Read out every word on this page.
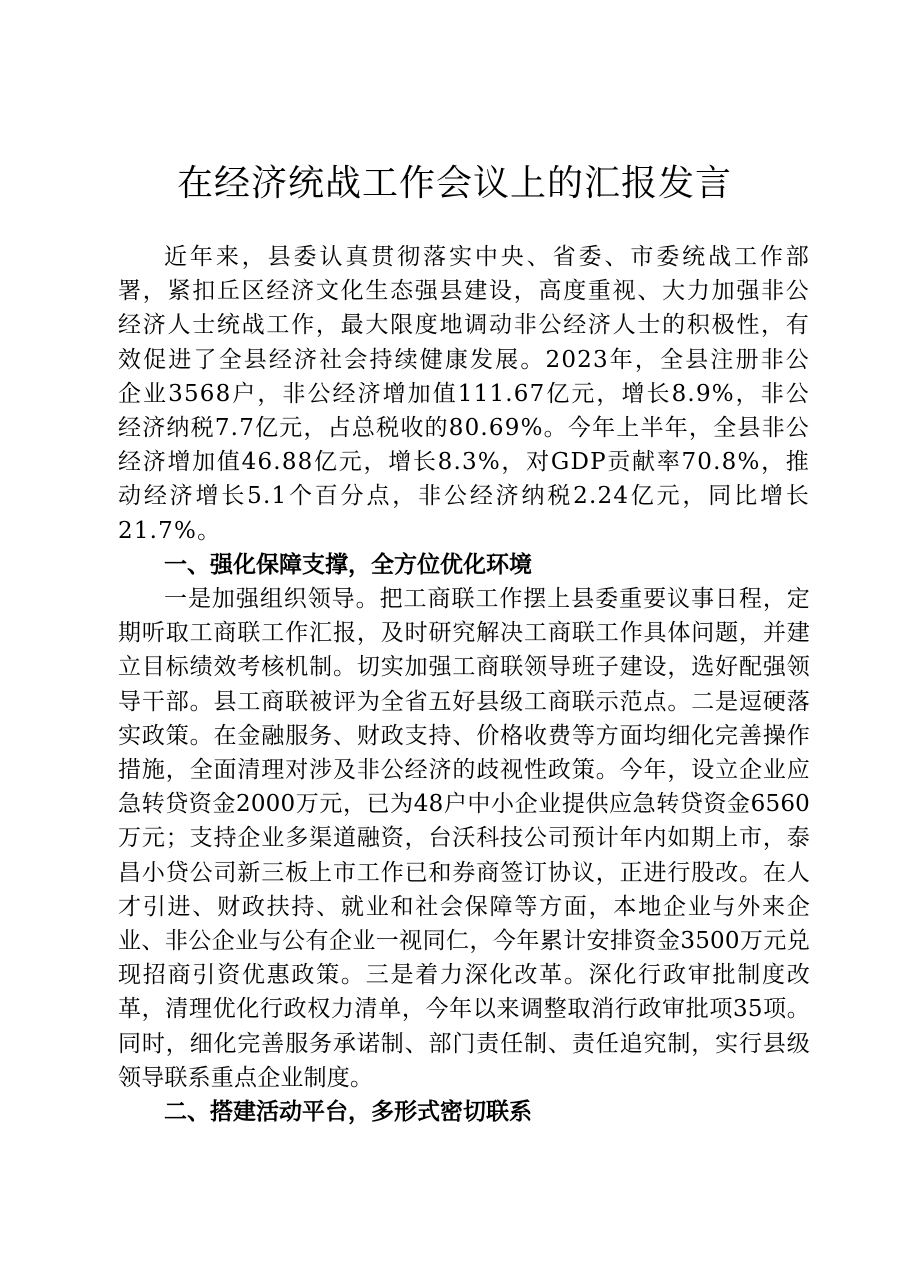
在经济统战工作会议上的汇报发言

近年来，县委认真贯彻落实中央、省委、市委统战工作部署，紧扣丘区经济文化生态强县建设，高度重视、大力加强非公经济人士统战工作，最大限度地调动非公经济人士的积极性，有效促进了全县经济社会持续健康发展。2023年，全县注册非公企业3568户，非公经济增加值111.67亿元，增长8.9%，非公经济纳税7.7亿元，占总税收的80.69%。今年上半年，全县非公经济增加值46.88亿元，增长8.3%，对GDP贡献率70.8%，推动经济增长5.1个百分点，非公经济纳税2.24亿元，同比增长21.7%。

一、强化保障支撑，全方位优化环境

一是加强组织领导。把工商联工作摆上县委重要议事日程，定期听取工商联工作汇报，及时研究解决工商联工作具体问题，并建立目标绩效考核机制。切实加强工商联领导班子建设，选好配强领导干部。县工商联被评为全省五好县级工商联示范点。二是逗硬落实政策。在金融服务、财政支持、价格收费等方面均细化完善操作措施，全面清理对涉及非公经济的歧视性政策。今年，设立企业应急转贷资金2000万元，已为48户中小企业提供应急转贷资金6560万元；支持企业多渠道融资，台沃科技公司预计年内如期上市，泰昌小贷公司新三板上市工作已和券商签订协议，正进行股改。在人才引进、财政扶持、就业和社会保障等方面，本地企业与外来企业、非公企业与公有企业一视同仁，今年累计安排资金3500万元兑现招商引资优惠政策。三是着力深化改革。深化行政审批制度改革，清理优化行政权力清单，今年以来调整取消行政审批项35项。同时，细化完善服务承诺制、部门责任制、责任追究制，实行县级领导联系重点企业制度。

二、搭建活动平台，多形式密切联系
